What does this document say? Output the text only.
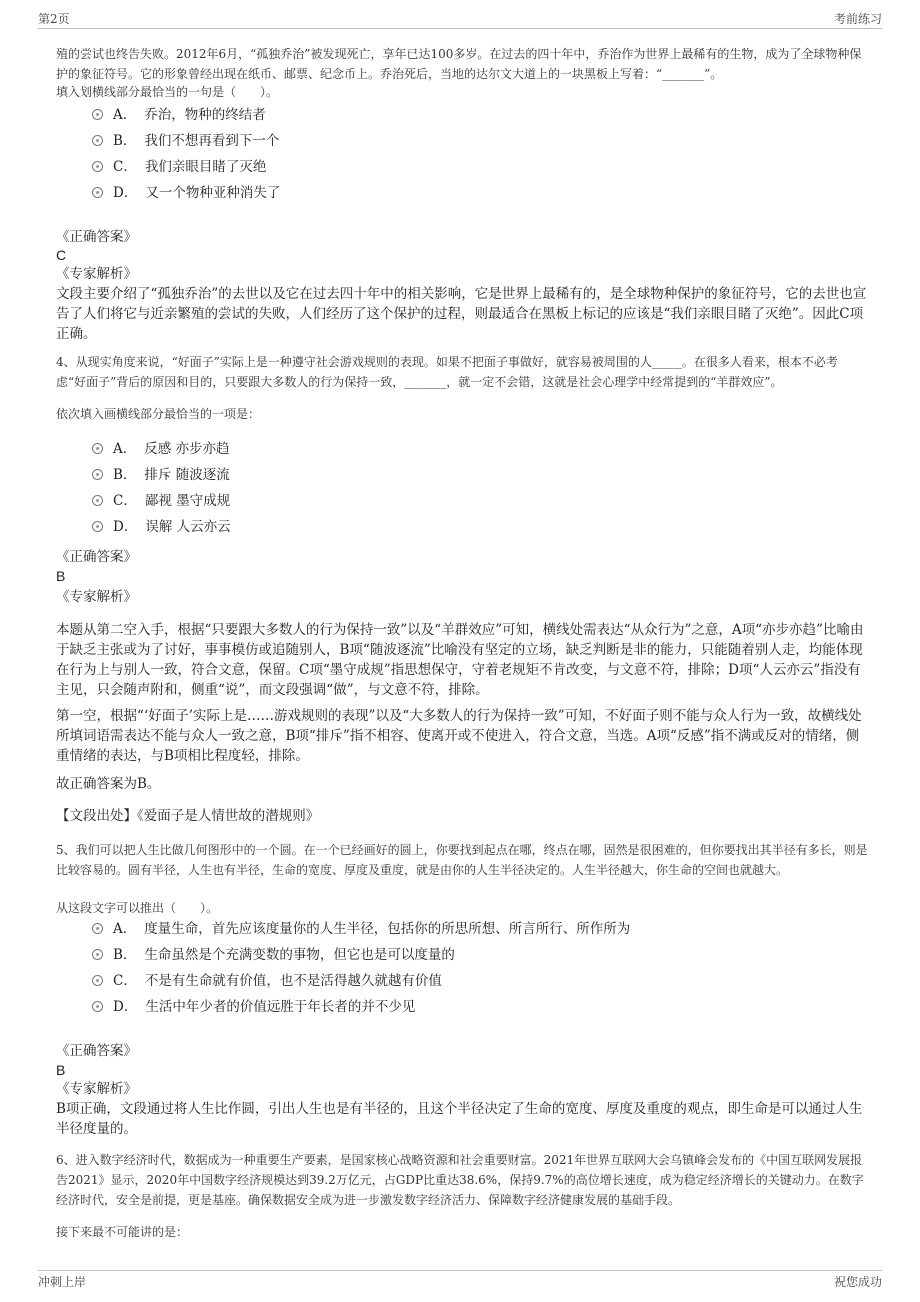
第2页	考前练习
殖的尝试也终告失败。2012年6月，“孤独乔治”被发现死亡，享年已达100多岁。在过去的四十年中，乔治作为世界上最稀有的生物，成为了全球物种保护的象征符号。它的形象曾经出现在纸币、邮票、纪念币上。乔治死后，当地的达尔文大道上的一块黑板上写着：“_______”。
填入划横线部分最恰当的一句是（　　）。
A． 乔治，物种的终结者
B． 我们不想再看到下一个
C． 我们亲眼目睹了灭绝
D． 又一个物种亚种消失了
《正确答案》
C
《专家解析》
文段主要介绍了“孤独乔治”的去世以及它在过去四十年中的相关影响，它是世界上最稀有的，是全球物种保护的象征符号，它的去世也宣告了人们将它与近亲繁殖的尝试的失败，人们经历了这个保护的过程，则最适合在黑板上标记的应该是“我们亲眼目睹了灭绝”。因此C项正确。
4、从现实角度来说，“好面子”实际上是一种遵守社会游戏规则的表现。如果不把面子事做好，就容易被周围的人_____。在很多人看来，根本不必考虑“好面子”背后的原因和目的，只要跟大多数人的行为保持一致，_______，就一定不会错，这就是社会心理学中经常提到的“羊群效应”。
依次填入画横线部分最恰当的一项是：
A． 反感 亦步亦趋
B． 排斥 随波逐流
C． 鄙视 墨守成规
D． 误解 人云亦云
《正确答案》
B
《专家解析》
本题从第二空入手，根据“只要跟大多数人的行为保持一致”以及“羊群效应”可知，横线处需表达“从众行为”之意，A项“亦步亦趋”比喻由于缺乏主张或为了讨好，事事模仿或追随别人，B项“随波逐流”比喻没有坚定的立场，缺乏判断是非的能力，只能随着别人走，均能体现在行为上与别人一致，符合文意，保留。C项“墨守成规”指思想保守，守着老规矩不肯改变，与文意不符，排除；D项“人云亦云”指没有主见，只会随声附和，侧重“说”，而文段强调“做”，与文意不符，排除。
第一空，根据“‘好面子’实际上是……游戏规则的表现”以及“大多数人的行为保持一致”可知，不好面子则不能与众人行为一致，故横线处所填词语需表达不能与众人一致之意，B项“排斥”指不相容、使离开或不使进入，符合文意，当选。A项“反感”指不满或反对的情绪，侧重情绪的表达，与B项相比程度轻，排除。
故正确答案为B。
【文段出处】《爱面子是人情世故的潜规则》
5、我们可以把人生比做几何图形中的一个圆。在一个已经画好的圆上，你要找到起点在哪，终点在哪，固然是很困难的，但你要找出其半径有多长，则是比较容易的。圆有半径，人生也有半径，生命的宽度、厚度及重度，就是由你的人生半径决定的。人生半径越大，你生命的空间也就越大。
从这段文字可以推出（　　）。
A． 度量生命，首先应该度量你的人生半径，包括你的所思所想、所言所行、所作所为
B． 生命虽然是个充满变数的事物，但它也是可以度量的
C． 不是有生命就有价值，也不是活得越久就越有价值
D． 生活中年少者的价值远胜于年长者的并不少见
《正确答案》
B
《专家解析》
B项正确，文段通过将人生比作圆，引出人生也是有半径的，且这个半径决定了生命的宽度、厚度及重度的观点，即生命是可以通过人生半径度量的。
6、进入数字经济时代，数据成为一种重要生产要素，是国家核心战略资源和社会重要财富。2021年世界互联网大会乌镇峰会发布的《中国互联网发展报告2021》显示，2020年中国数字经济规模达到39.2万亿元，占GDP比重达38.6%，保持9.7%的高位增长速度，成为稳定经济增长的关键动力。在数字经济时代，安全是前提，更是基座。确保数据安全成为进一步激发数字经济活力、保障数字经济健康发展的基础手段。
接下来最不可能讲的是：
冲刺上岸	祝您成功
